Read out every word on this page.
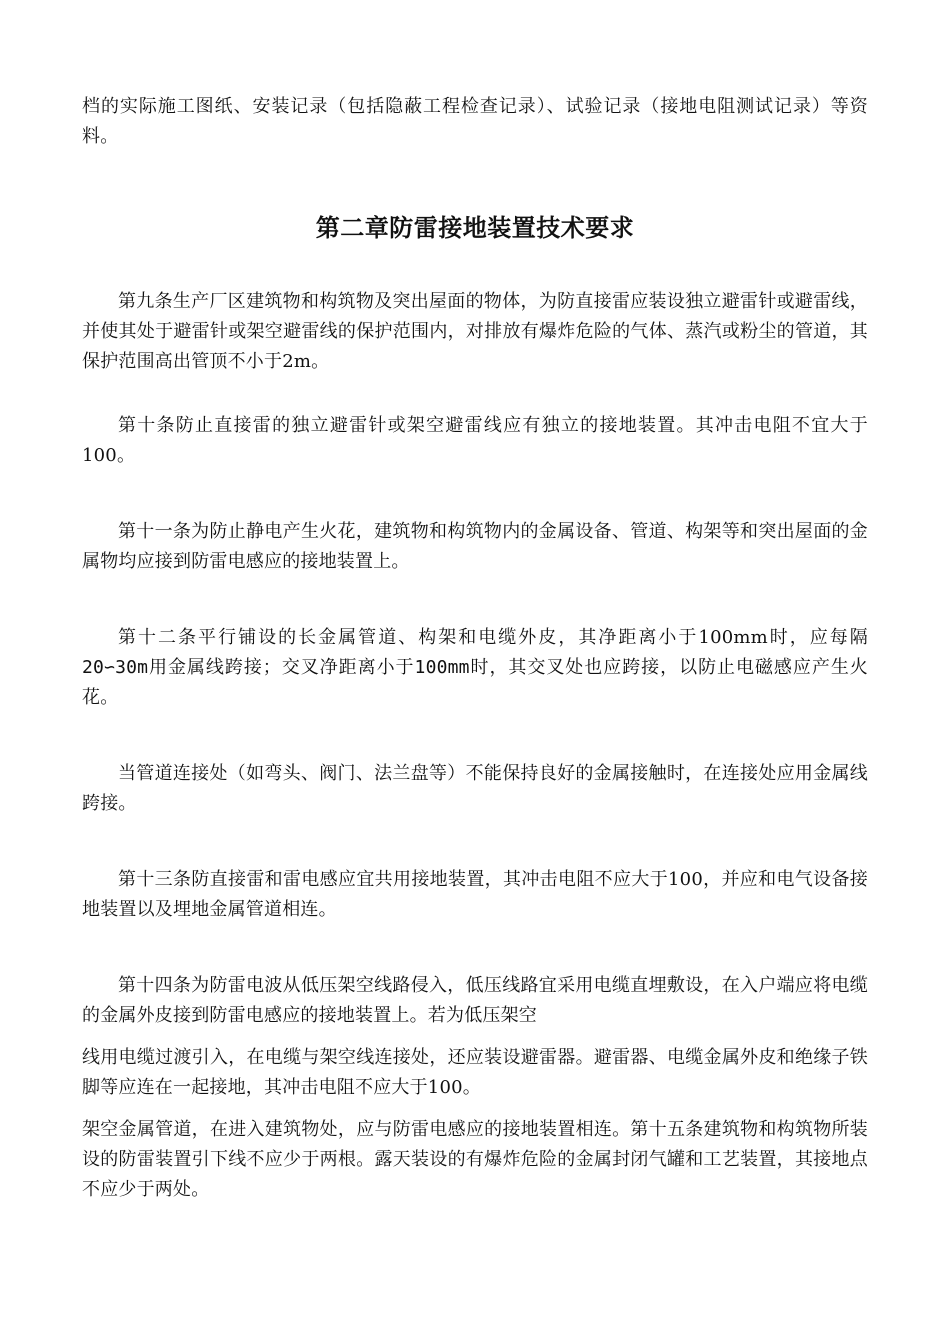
档的实际施工图纸、安装记录（包括隐蔽工程检查记录）、试验记录（接地电阻测试记录）等资料。

第二章防雷接地装置技术要求

第九条生产厂区建筑物和构筑物及突出屋面的物体，为防直接雷应装设独立避雷针或避雷线，并使其处于避雷针或架空避雷线的保护范围内，对排放有爆炸危险的气体、蒸汽或粉尘的管道，其保护范围高出管顶不小于2m。

第十条防止直接雷的独立避雷针或架空避雷线应有独立的接地装置。其冲击电阻不宜大于100。

第十一条为防止静电产生火花，建筑物和构筑物内的金属设备、管道、构架等和突出屋面的金属物均应接到防雷电感应的接地装置上。

第十二条平行铺设的长金属管道、构架和电缆外皮，其净距离小于100mm时，应每隔20∽30m用金属线跨接；交叉净距离小于100mm时，其交叉处也应跨接，以防止电磁感应产生火花。

当管道连接处（如弯头、阀门、法兰盘等）不能保持良好的金属接触时，在连接处应用金属线跨接。

第十三条防直接雷和雷电感应宜共用接地装置，其冲击电阻不应大于100，并应和电气设备接地装置以及埋地金属管道相连。

第十四条为防雷电波从低压架空线路侵入，低压线路宜采用电缆直埋敷设，在入户端应将电缆的金属外皮接到防雷电感应的接地装置上。若为低压架空

线用电缆过渡引入，在电缆与架空线连接处，还应装设避雷器。避雷器、电缆金属外皮和绝缘子铁脚等应连在一起接地，其冲击电阻不应大于100。

架空金属管道，在进入建筑物处，应与防雷电感应的接地装置相连。第十五条建筑物和构筑物所装设的防雷装置引下线不应少于两根。露天装设的有爆炸危险的金属封闭气罐和工艺装置，其接地点不应少于两处。
